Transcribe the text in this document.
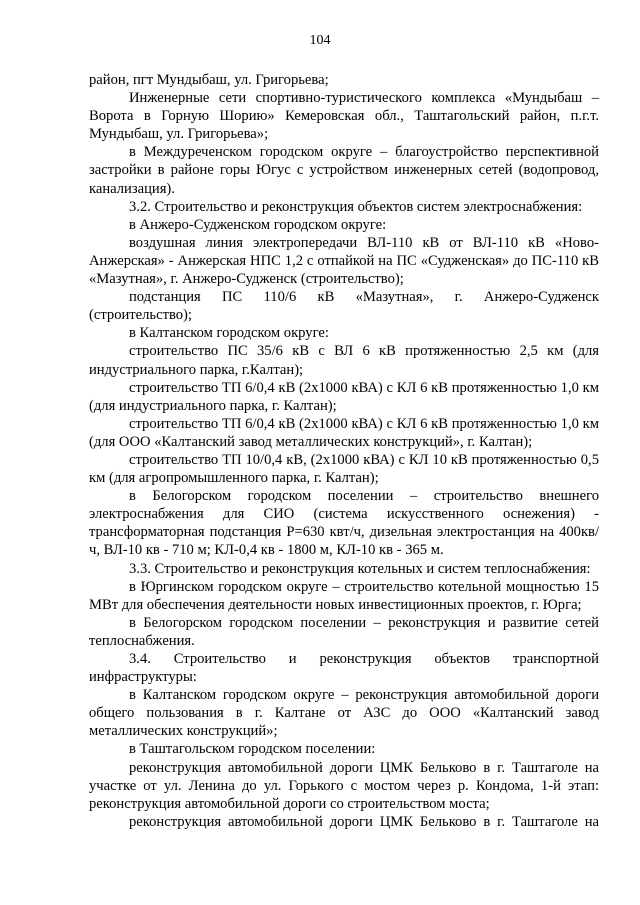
104

район, пгт Мундыбаш, ул. Григорьева;

Инженерные сети спортивно-туристического комплекса «Мундыбаш – Ворота в Горную Шорию» Кемеровская обл., Таштагольский район, п.г.т. Мундыбаш, ул. Григорьева»;

в Междуреченском городском округе – благоустройство перспективной застройки в районе горы Югус с устройством инженерных сетей (водопровод, канализация).

3.2. Строительство и реконструкция объектов систем электроснабжения:

в Анжеро-Судженском городском округе:

воздушная линия электропередачи ВЛ-110 кВ от ВЛ-110 кВ «Ново-Анжерская» - Анжерская НПС 1,2 с отпайкой на ПС «Судженская» до ПС-110 кВ «Мазутная», г. Анжеро-Судженск (строительство);

подстанция ПС 110/6 кВ «Мазутная», г. Анжеро-Судженск (строительство);

в Калтанском городском округе:

строительство ПС 35/6 кВ с ВЛ 6 кВ протяженностью 2,5 км (для индустриального парка, г.Калтан);

строительство ТП 6/0,4 кВ (2х1000 кВА) с КЛ 6 кВ протяженностью 1,0 км (для индустриального парка, г. Калтан);

строительство ТП 6/0,4 кВ (2х1000 кВА) с КЛ 6 кВ протяженностью 1,0 км (для ООО «Калтанский завод металлических конструкций», г. Калтан);

строительство ТП 10/0,4 кВ, (2х1000 кВА) с КЛ 10 кВ протяженностью 0,5 км (для агропромышленного парка, г. Калтан);

в Белогорском городском поселении – строительство внешнего электроснабжения для СИО (система искусственного оснежения) - трансформаторная подстанция Р=630 квт/ч, дизельная электростанция на 400кв/ ч, ВЛ-10 кв - 710 м; КЛ-0,4 кв - 1800 м, КЛ-10 кв - 365 м.

3.3. Строительство и реконструкция котельных и систем теплоснабжения:

в Юргинском городском округе – строительство котельной мощностью 15 МВт для обеспечения деятельности новых инвестиционных проектов, г. Юрга;

в Белогорском городском поселении – реконструкция и развитие сетей теплоснабжения.

3.4. Строительство и реконструкция объектов транспортной инфраструктуры:

в Калтанском городском округе – реконструкция автомобильной дороги общего пользования в г. Калтане от АЗС до ООО «Калтанский завод металлических конструкций»;

в Таштагольском городском поселении:

реконструкция автомобильной дороги ЦМК Бельково в г. Таштаголе на участке от ул. Ленина до ул. Горького с мостом через р. Кондома, 1-й этап: реконструкция автомобильной дороги со строительством моста;

реконструкция автомобильной дороги ЦМК Бельково в г. Таштаголе на
